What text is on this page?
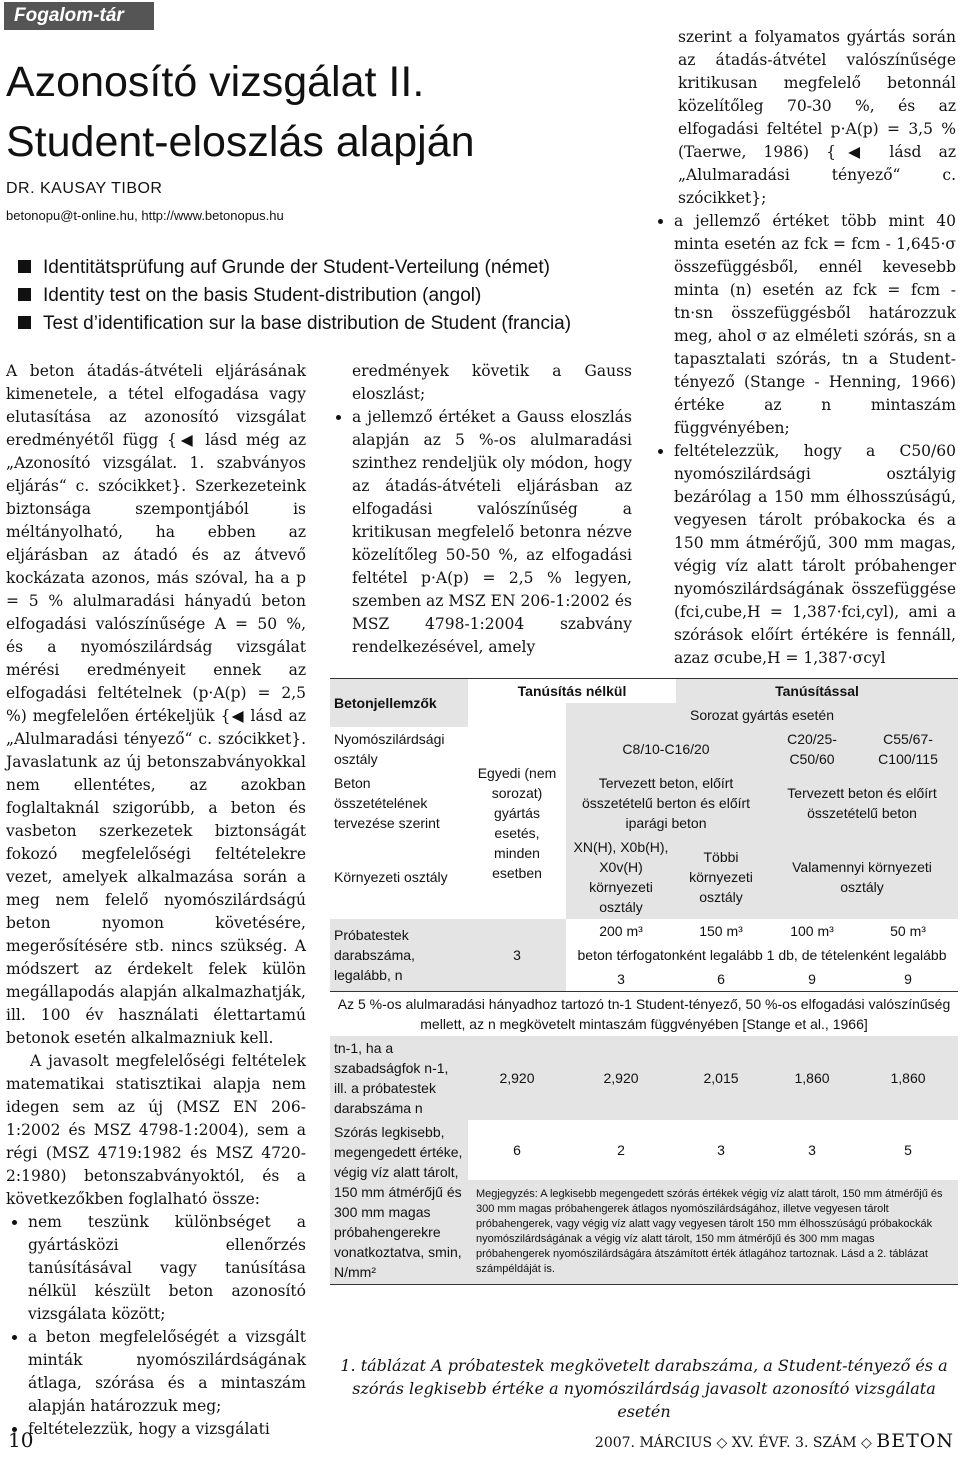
Fogalom-tár
Azonosító vizsgálat II.
Student-eloszlás alapján
DR. KAUSAY TIBOR
betonopu@t-online.hu, http://www.betonopus.hu
Identitätsprüfung auf Grunde der Student-Verteilung (német)
Identity test on the basis Student-distribution (angol)
Test d’identification sur la base distribution de Student (francia)

A beton átadás-átvételi eljárásának kimenetele, a tétel elfogadása vagy elutasítása az azonosító vizsgálat eredményétől függ {◀ lásd még az „Azonosító vizsgálat. 1. szabványos eljárás“ c. szócikket}. Szerkezeteink biztonsága szempontjából is méltányolható, ha ebben az eljárásban az átadó és az átvevő kockázata azonos, más szóval, ha a p = 5 % alulmaradási hányadú beton elfogadási valószínűsége A = 50 %, és a nyomószilárdság vizsgálat mérési eredményeit ennek az elfogadási feltételnek (p·A(p) = 2,5 %) megfelelően értékeljük {◀ lásd az „Alulmaradási tényező“ c. szócikket}. Javaslatunk az új betonszabványokkal nem ellentétes, az azokban foglaltaknál szigorúbb, a beton és vasbeton szerkezetek biztonságát fokozó megfelelőségi feltételekre vezet, amelyek alkalmazása során a meg nem felelő nyomószilárdságú beton nyomon követésére, megerősítésére stb. nincs szükség. A módszert az érdekelt felek külön megállapodás alapján alkalmazhatják, ill. 100 év használati élettartamú betonok esetén alkalmazniuk kell.

A javasolt megfelelőségi feltételek matematikai statisztikai alapja nem idegen sem az új (MSZ EN 206-1:2002 és MSZ 4798-1:2004), sem a régi (MSZ 4719:1982 és MSZ 4720-2:1980) betonszabványoktól, és a következőkben foglalható össze:

• nem teszünk különbséget a gyártásközi ellenőrzés tanúsításával vagy tanúsítása nélkül készült beton azonosító vizsgálata között;
• a beton megfelelőségét a vizsgált minták nyomószilárdságának átlaga, szórása és a mintaszám alapján határozzuk meg;
• feltételezzük, hogy a vizsgálati

eredmények követik a Gauss eloszlást;

• a jellemző értéket a Gauss eloszlás alapján az 5 %-os alulmaradási szinthez rendeljük oly módon, hogy az átadás-átvételi eljárásban az elfogadási valószínűség a kritikusan megfelelő betonra nézve közelítőleg 50-50 %, az elfogadási feltétel p·A(p) = 2,5 % legyen, szemben az MSZ EN 206-1:2002 és MSZ 4798-1:2004 szabvány rendelkezésével, amely

szerint a folyamatos gyártás során az átadás-átvétel valószínűsége kritikusan megfelelő betonnál közelítőleg 70-30 %, és az elfogadási feltétel p·A(p) = 3,5 % (Taerwe, 1986) {◀ lásd az „Alulmaradási tényező“ c. szócikket};

• a jellemző értéket több mint 40 minta esetén az fck = fcm - 1,645·σ összefüggésből, ennél kevesebb minta (n) esetén az fck = fcm - tn·sn összefüggésből határozzuk meg, ahol σ az elméleti szórás, sn a tapasztalati szórás, tn a Student-tényező (Stange - Henning, 1966) értéke az n mintaszám függvényében;
• feltételezzük, hogy a C50/60 nyomószilárdsági osztályig bezárólag a 150 mm élhosszúságú, vegyesen tárolt próbakocka és a 150 mm átmérőjű, 300 mm magas, végig víz alatt tárolt próbahenger nyomószilárdságának összefüggése (fci,cube,H = 1,387·fci,cyl), ami a szórások előírt értékére is fennáll, azaz σcube,H = 1,387·σcyl
Betonjellemzők	Tanúsítás nélkül		Tanúsítással		
		Sorozat gyártás esetén			
Nyomószilárdsági osztály	Egyedi (nem sorozat) gyártás esetés, minden esetben	C8/10-C16/20		C20/25-C50/60	C55/67-C100/115
Beton összetételének tervezése szerint		Tervezett beton, előírt összetételű berton és előírt iparági beton		Tervezett beton és előírt összetételű beton	
Környezeti osztály		XN(H), X0b(H), X0v(H) környezeti osztály	Többi környezeti osztály	Valamennyi környezeti osztály	
Próbatestek darabszáma, legalább, n	3	200 m³	150 m³	100 m³	50 m³
		beton térfogatonként legalább 1 db, de tételenként legalább			
		3	6	9	9
Az 5 %-os alulmaradási hányadhoz tartozó tn-1 Student-tényező, 50 %-os elfogadási valószínűség mellett, az n megkövetelt mintaszám függvényében [Stange et al., 1966]					
tn-1, ha a szabadságfok n-1, ill. a próbatestek darabszáma n	2,920	2,920	2,015	1,860	1,860
Szórás legkisebb, megengedett értéke, végig víz alatt tárolt, 150 mm átmérőjű és 300 mm magas próbahengerekre vonatkoztatva, smin, N/mm²	6	2	3	3	5
	Megjegyzés: A legkisebb megengedett szórás értékek végig víz alatt tárolt, 150 mm átmérőjű és 300 mm magas próbahengerek átlagos nyomószilárdságához, illetve vegyesen tárolt próbahengerek, vagy végig víz alatt vagy vegyesen tárolt 150 mm élhosszúságú próbakockák nyomószilárdságának a végig víz alatt tárolt, 150 mm átmérőjű és 300 mm magas próbahengerek nyomószilárdságára átszámított érték átlagához tartoznak. Lásd a 2. táblázat számpéldáját is.				
1. táblázat A próbatestek megkövetelt darabszáma, a Student-tényező és a szórás legkisebb értéke a nyomószilárdság javasolt azonosító vizsgálata esetén
10	2007. MÁRCIUS ◇ XV. ÉVF. 3. SZÁM ◇ BETON
